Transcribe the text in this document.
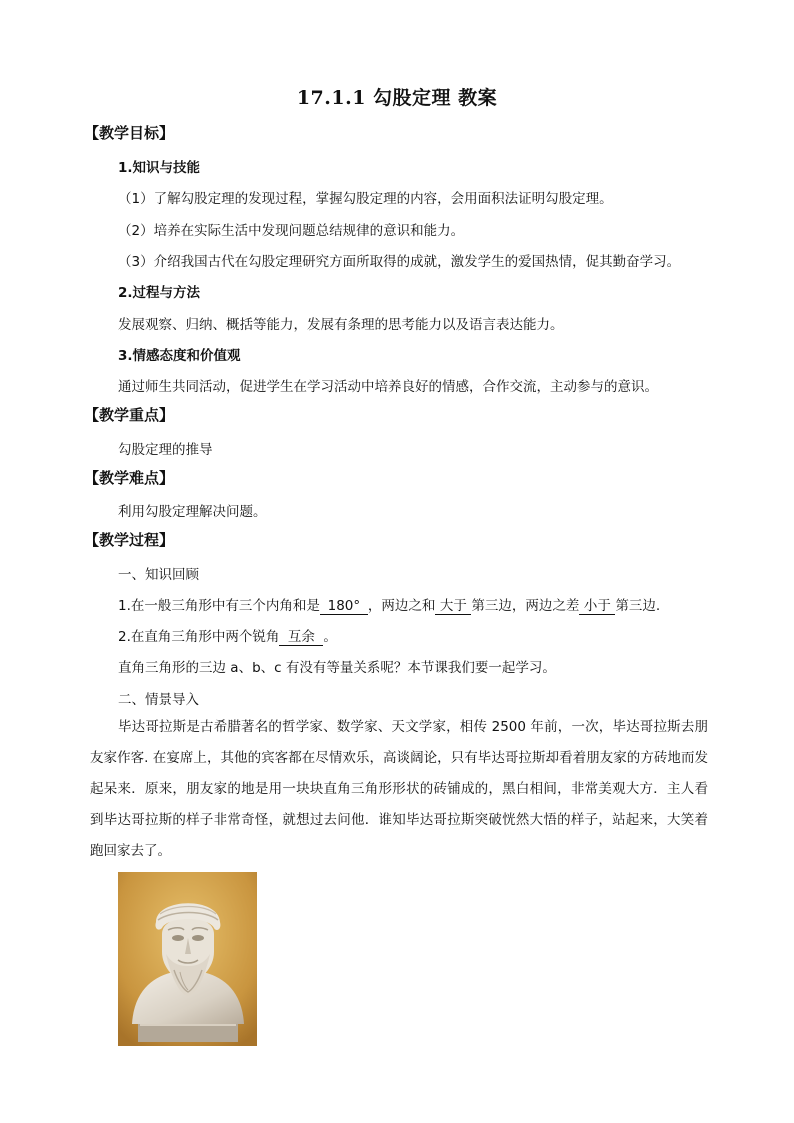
17.1.1 勾股定理 教案
【教学目标】
1.知识与技能
（1）了解勾股定理的发现过程，掌握勾股定理的内容，会用面积法证明勾股定理。
（2）培养在实际生活中发现问题总结规律的意识和能力。
（3）介绍我国古代在勾股定理研究方面所取得的成就，激发学生的爱国热情，促其勤奋学习。
2.过程与方法
发展观察、归纳、概括等能力，发展有条理的思考能力以及语言表达能力。
3.情感态度和价值观
通过师生共同活动，促进学生在学习活动中培养良好的情感，合作交流，主动参与的意识。
【教学重点】
勾股定理的推导
【教学难点】
利用勾股定理解决问题。
【教学过程】
一、知识回顾
1.在一般三角形中有三个内角和是 180° ，两边之和 大于 第三边，两边之差 小于 第三边.
2.在直角三角形中两个锐角 互余 。
直角三角形的三边 a、b、c 有没有等量关系呢？本节课我们要一起学习。
二、情景导入
毕达哥拉斯是古希腊著名的哲学家、数学家、天文学家，相传 2500 年前，一次，毕达哥拉斯去朋友家作客. 在宴席上，其他的宾客都在尽情欢乐，高谈阔论，只有毕达哥拉斯却看着朋友家的方砖地而发起呆来．原来，朋友家的地是用一块块直角三角形形状的砖铺成的，黑白相间，非常美观大方．主人看到毕达哥拉斯的样子非常奇怪，就想过去问他．谁知毕达哥拉斯突破恍然大悟的样子，站起来，大笑着跑回家去了。
